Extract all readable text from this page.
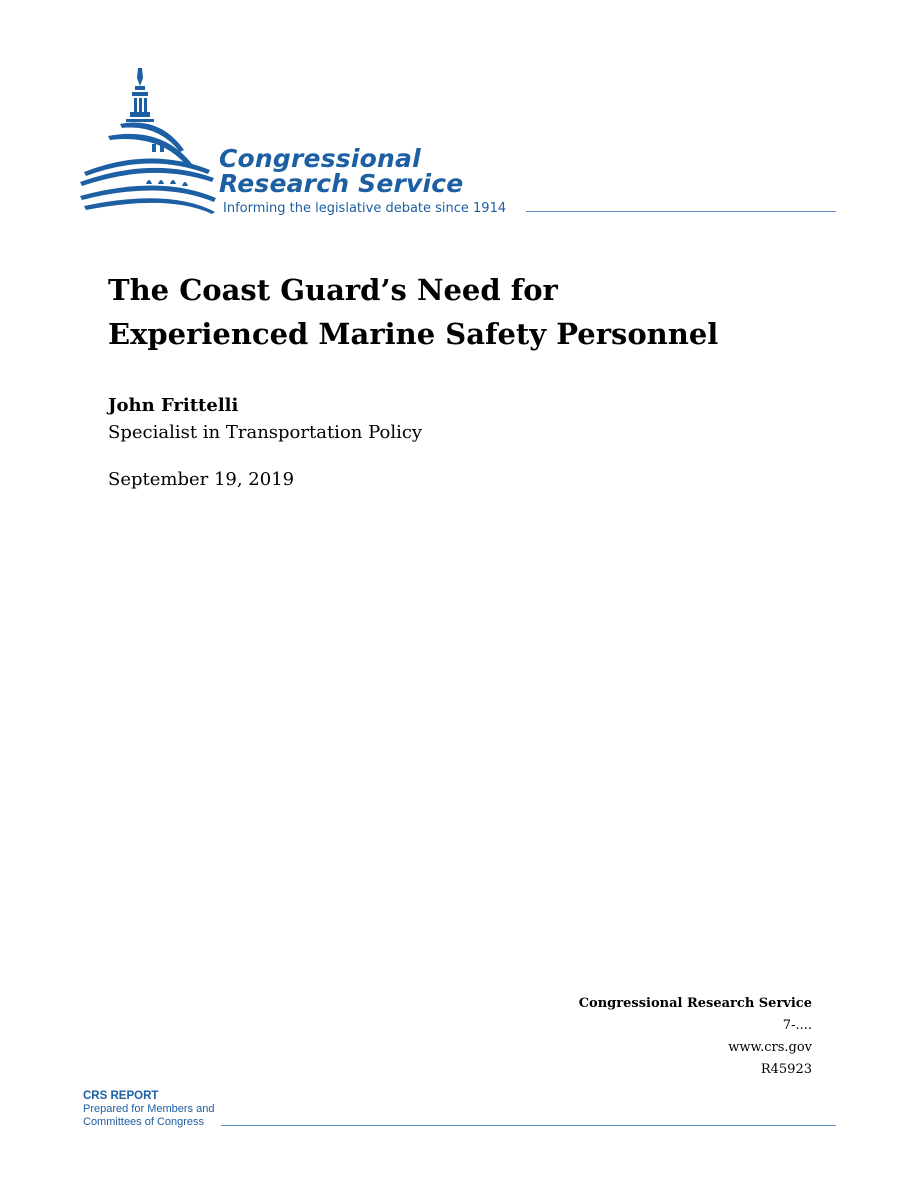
Congressional
Research Service
Informing the legislative debate since 1914
The Coast Guard’s Need for
Experienced Marine Safety Personnel
John Frittelli
Specialist in Transportation Policy
September 19, 2019
Congressional Research Service
7-....
www.crs.gov
R45923
CRS REPORT
Prepared for Members and
Committees of Congress
